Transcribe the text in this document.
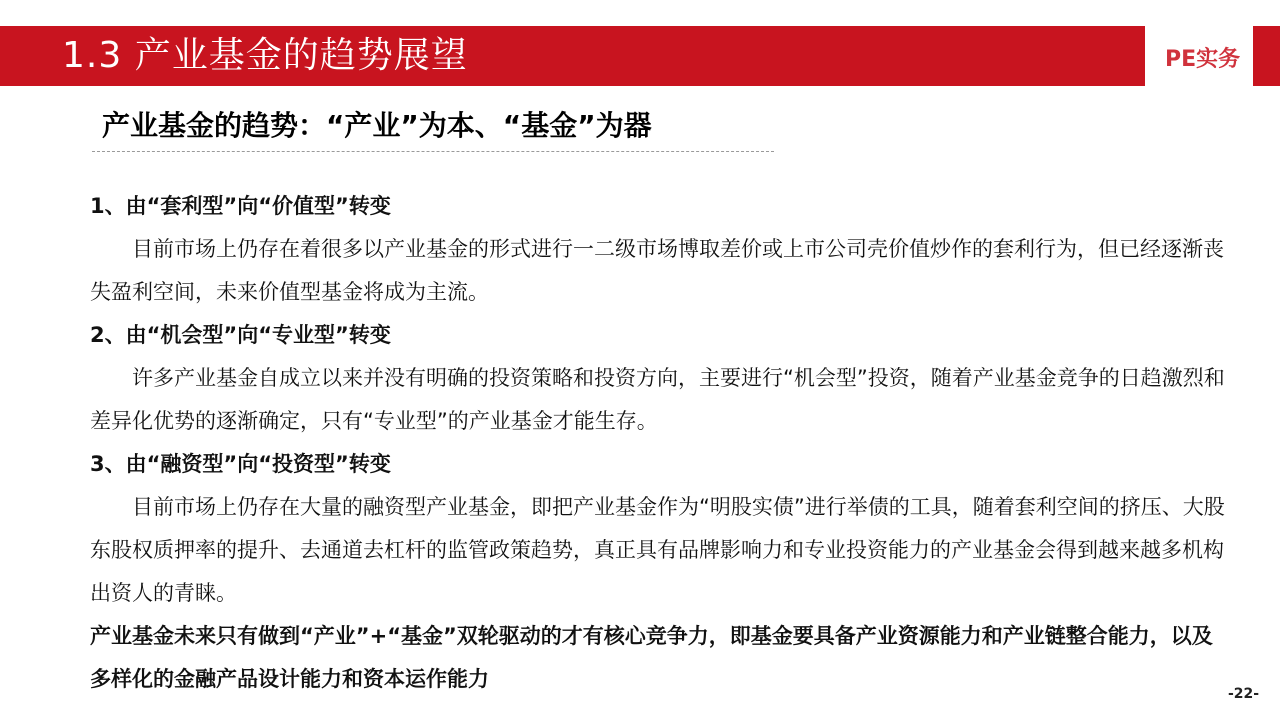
1.3 产业基金的趋势展望	PE实务
产业基金的趋势：“产业”为本、“基金”为器

1、由“套利型”向“价值型”转变

目前市场上仍存在着很多以产业基金的形式进行一二级市场博取差价或上市公司壳价值炒作的套利行为，但已经逐渐丧失盈利空间，未来价值型基金将成为主流。

2、由“机会型”向“专业型”转变

许多产业基金自成立以来并没有明确的投资策略和投资方向，主要进行“机会型”投资，随着产业基金竞争的日趋激烈和差异化优势的逐渐确定，只有“专业型”的产业基金才能生存。

3、由“融资型”向“投资型”转变

目前市场上仍存在大量的融资型产业基金，即把产业基金作为“明股实债”进行举债的工具，随着套利空间的挤压、大股东股权质押率的提升、去通道去杠杆的监管政策趋势，真正具有品牌影响力和专业投资能力的产业基金会得到越来越多机构出资人的青睐。

产业基金未来只有做到“产业”+“基金”双轮驱动的才有核心竞争力，即基金要具备产业资源能力和产业链整合能力，以及多样化的金融产品设计能力和资本运作能力

-22-
